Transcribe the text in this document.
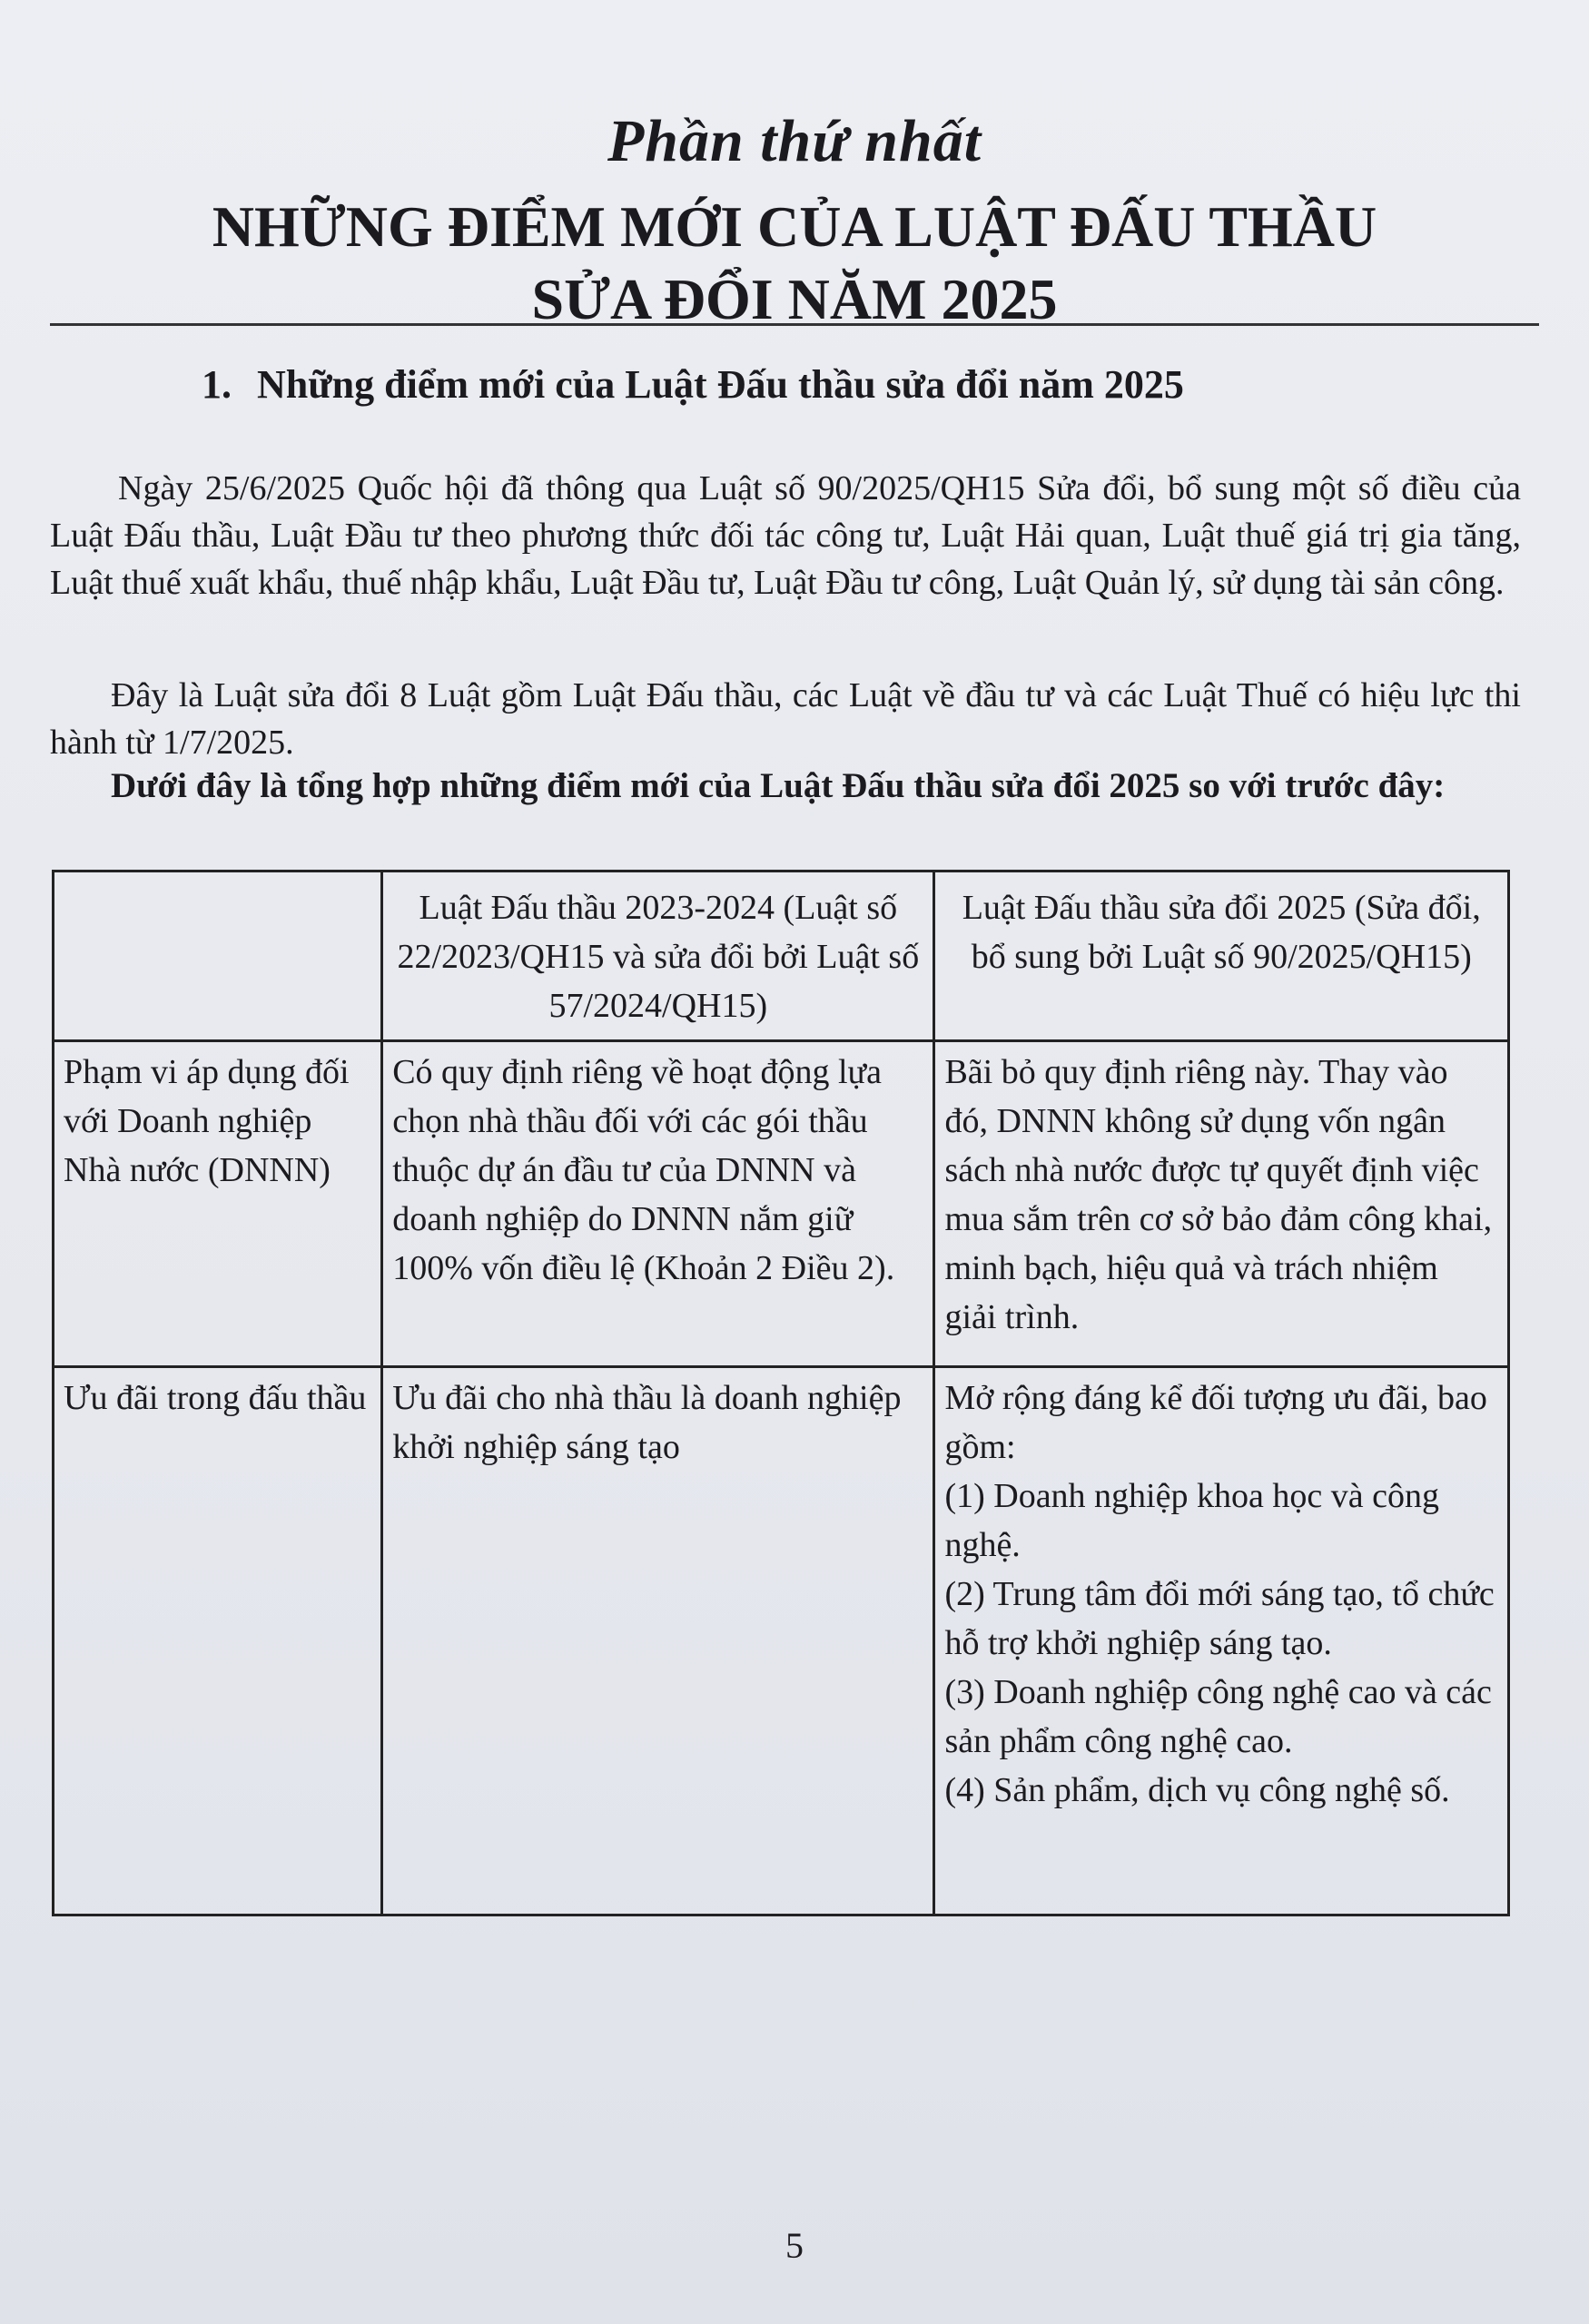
Phần thứ nhất
NHỮNG ĐIỂM MỚI CỦA LUẬT ĐẤU THẦU
SỬA ĐỔI NĂM 2025
1. Những điểm mới của Luật Đấu thầu sửa đổi năm 2025
Ngày 25/6/2025 Quốc hội đã thông qua Luật số 90/2025/QH15 Sửa đổi, bổ sung một số điều của Luật Đấu thầu, Luật Đầu tư theo phương thức đối tác công tư, Luật Hải quan, Luật thuế giá trị gia tăng, Luật thuế xuất khẩu, thuế nhập khẩu, Luật Đầu tư, Luật Đầu tư công, Luật Quản lý, sử dụng tài sản công.
Đây là Luật sửa đổi 8 Luật gồm Luật Đấu thầu, các Luật về đầu tư và các Luật Thuế có hiệu lực thi hành từ 1/7/2025.
Dưới đây là tổng hợp những điểm mới của Luật Đấu thầu sửa đổi 2025 so với trước đây:
	Luật Đấu thầu 2023-2024 (Luật số 22/2023/QH15 và sửa đổi bởi Luật số 57/2024/QH15)	Luật Đấu thầu sửa đổi 2025 (Sửa đổi, bổ sung bởi Luật số 90/2025/QH15)
Phạm vi áp dụng đối với Doanh nghiệp Nhà nước (DNNN)	Có quy định riêng về hoạt động lựa chọn nhà thầu đối với các gói thầu thuộc dự án đầu tư của DNNN và doanh nghiệp do DNNN nắm giữ 100% vốn điều lệ (Khoản 2 Điều 2).	Bãi bỏ quy định riêng này. Thay vào đó, DNNN không sử dụng vốn ngân sách nhà nước được tự quyết định việc mua sắm trên cơ sở bảo đảm công khai, minh bạch, hiệu quả và trách nhiệm giải trình.
Ưu đãi trong đấu thầu	Ưu đãi cho nhà thầu là doanh nghiệp khởi nghiệp sáng tạo	Mở rộng đáng kể đối tượng ưu đãi, bao gồm:
(1) Doanh nghiệp khoa học và công nghệ.
(2) Trung tâm đổi mới sáng tạo, tổ chức hỗ trợ khởi nghiệp sáng tạo.
(3) Doanh nghiệp công nghệ cao và các sản phẩm công nghệ cao.
(4) Sản phẩm, dịch vụ công nghệ số.
5
